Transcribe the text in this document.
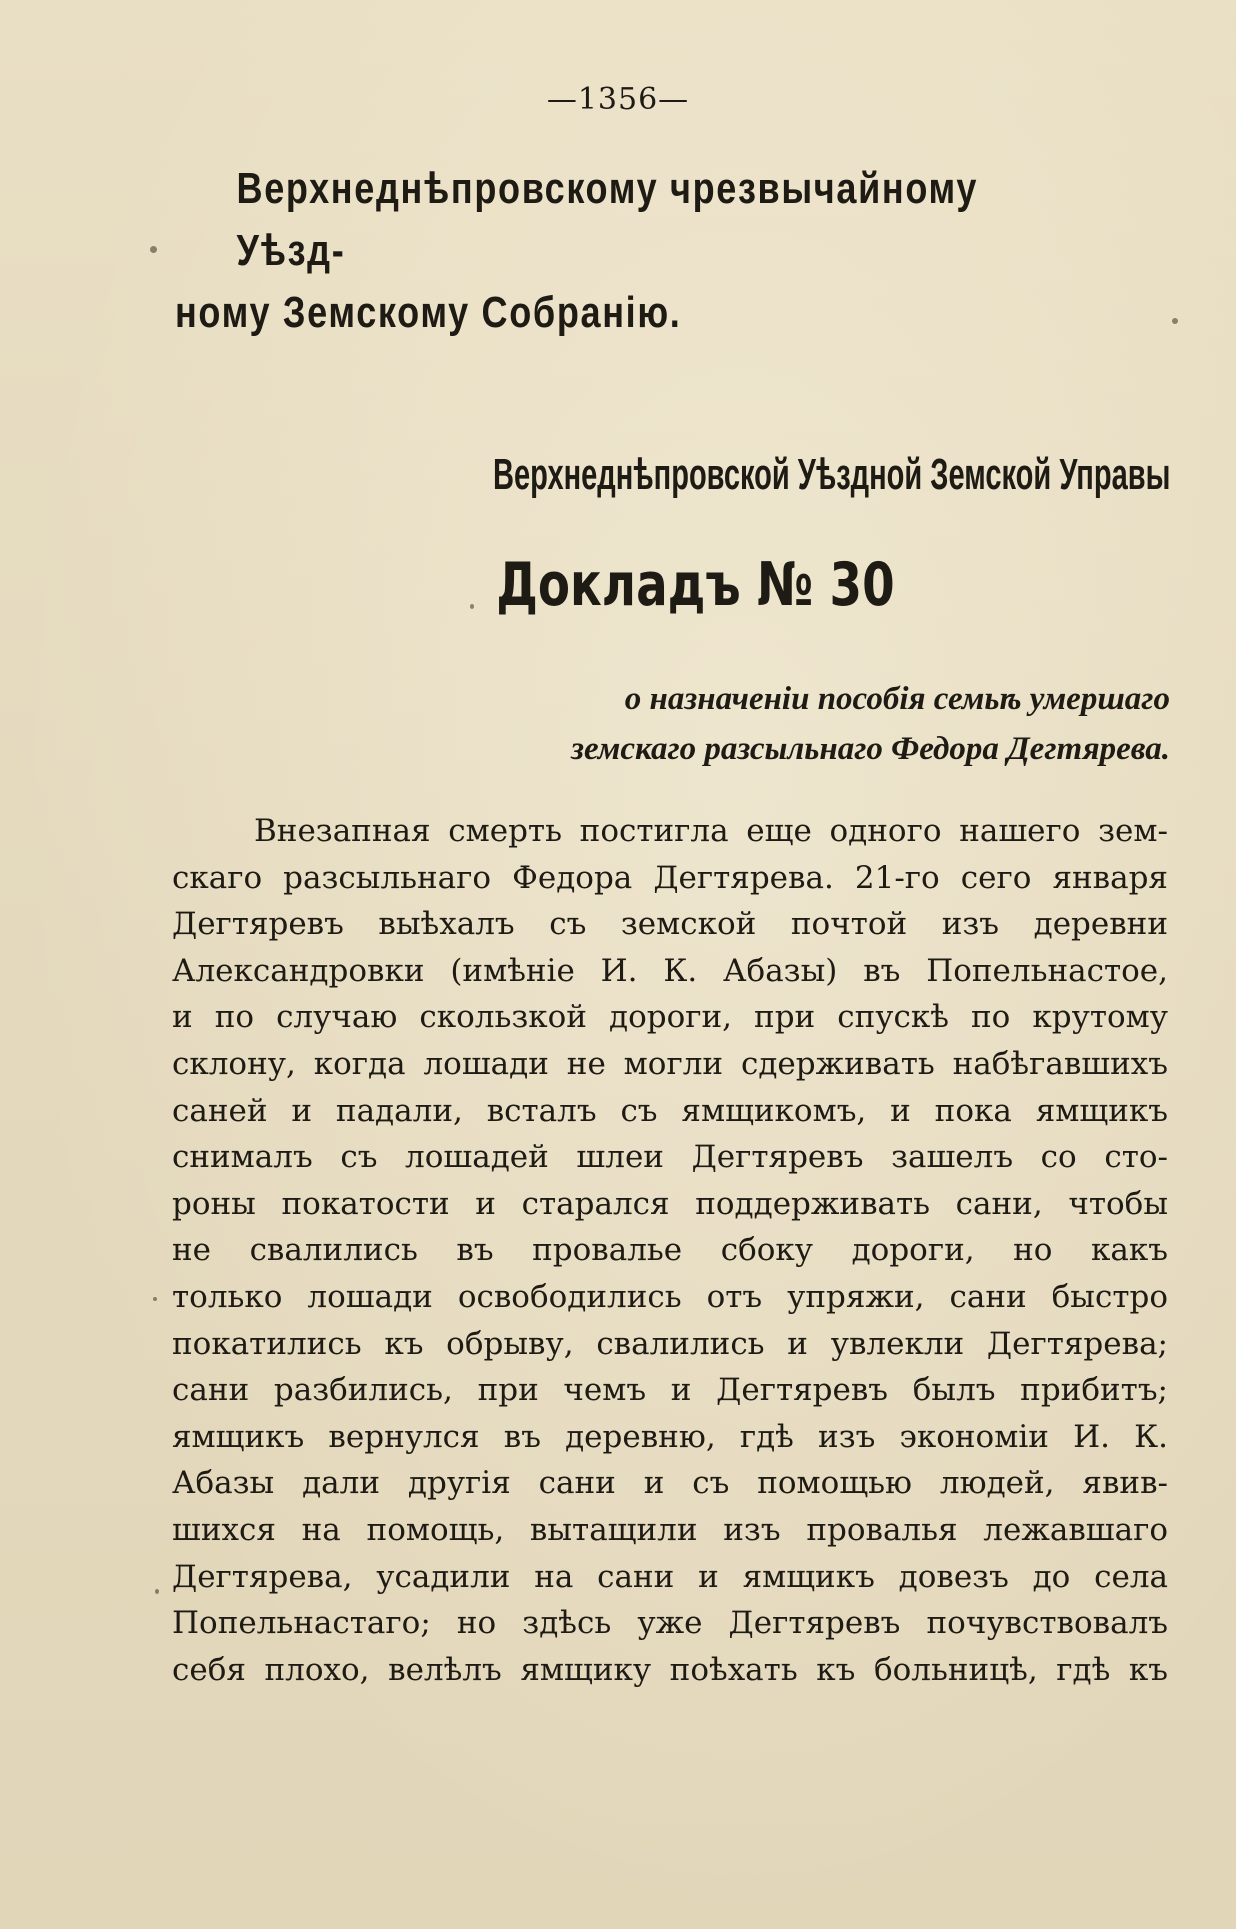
—1356—
Верхнеднѣпровскому чрезвычайному Уѣзд-
ному Земскому Собранію.
Верхнеднѣпровской Уѣздной Земской Управы
Докладъ № 30
о назначеніи пособія семьѣ умершаго
земскаго разсыльнаго Федора Дегтярева.
Внезапная смерть постигла еще одного нашего зем-
скаго разсыльнаго Федора Дегтярева. 21-го сего января
Дегтяревъ выѣхалъ съ земской почтой изъ деревни
Александровки (имѣніе И. К. Абазы) въ Попельнастое,
и по случаю скользкой дороги, при спускѣ по крутому
склону, когда лошади не могли сдерживать набѣгавшихъ
саней и падали, всталъ съ ямщикомъ, и пока ямщикъ
снималъ съ лошадей шлеи Дегтяревъ зашелъ со сто-
роны покатости и старался поддерживать сани, чтобы
не свалились въ провалье сбоку дороги, но какъ
только лошади освободились отъ упряжи, сани быстро
покатились къ обрыву, свалились и увлекли Дегтярева;
сани разбились, при чемъ и Дегтяревъ былъ прибитъ;
ямщикъ вернулся въ деревню, гдѣ изъ экономіи И. К.
Абазы дали другія сани и съ помощью людей, явив-
шихся на помощь, вытащили изъ провалья лежавшаго
Дегтярева, усадили на сани и ямщикъ довезъ до села
Попельнастаго; но здѣсь уже Дегтяревъ почувствовалъ
себя плохо, велѣлъ ямщику поѣхать къ больницѣ, гдѣ къ
